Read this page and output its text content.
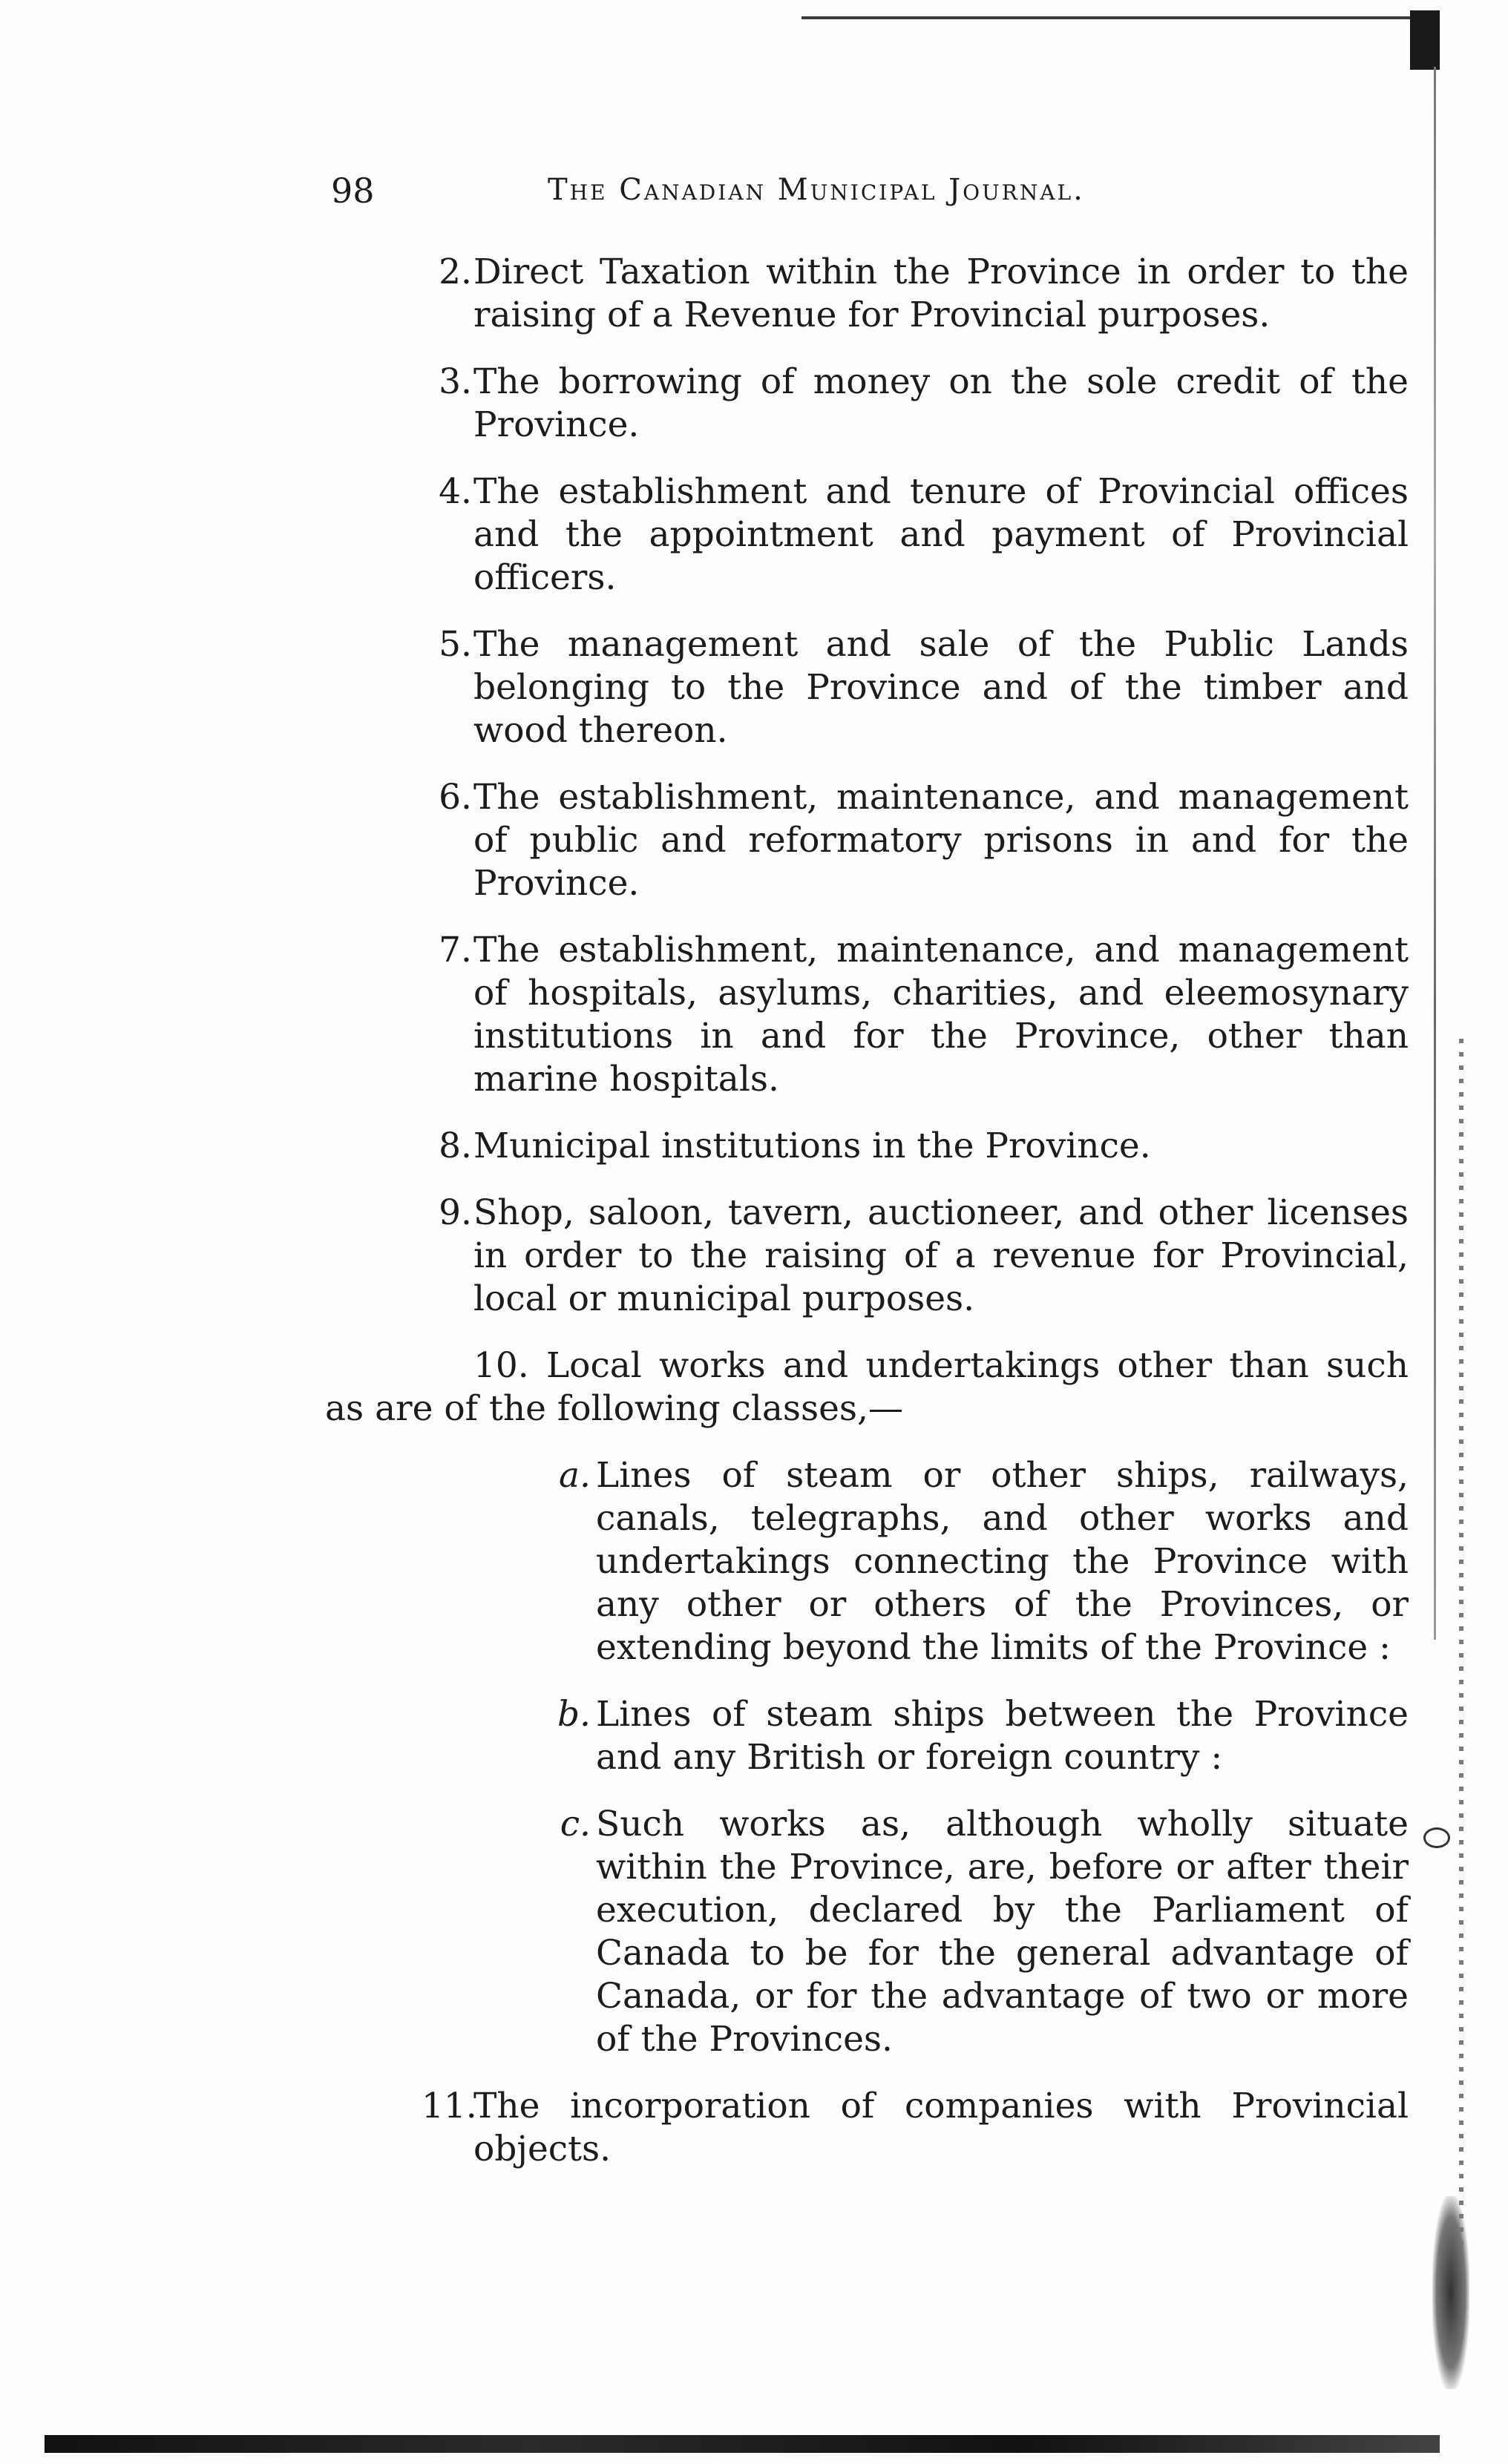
98	The Canadian Municipal Journal.
2. Direct Taxation within the Province in order to the raising of a Revenue for Provincial purposes.
3. The borrowing of money on the sole credit of the Province.
4. The establishment and tenure of Provincial offices and the appointment and payment of Provincial officers.
5. The management and sale of the Public Lands belonging to the Province and of the timber and wood thereon.
6. The establishment, maintenance, and management of public and reformatory prisons in and for the Province.
7. The establishment, maintenance, and management of hospitals, asylums, charities, and eleemosynary institutions in and for the Province, other than marine hospitals.
8. Municipal institutions in the Province.
9. Shop, saloon, tavern, auctioneer, and other licenses in order to the raising of a revenue for Provincial, local or municipal purposes.
10. Local works and undertakings other than such as are of the following classes,—
a. Lines of steam or other ships, railways, canals, telegraphs, and other works and undertakings connecting the Province with any other or others of the Provinces, or extending beyond the limits of the Province :
b. Lines of steam ships between the Province and any British or foreign country :
c. Such works as, although wholly situate within the Province, are, before or after their execution, declared by the Parliament of Canada to be for the general advantage of Canada, or for the advantage of two or more of the Provinces.
11.
The incorporation of companies with Provincial objects.
